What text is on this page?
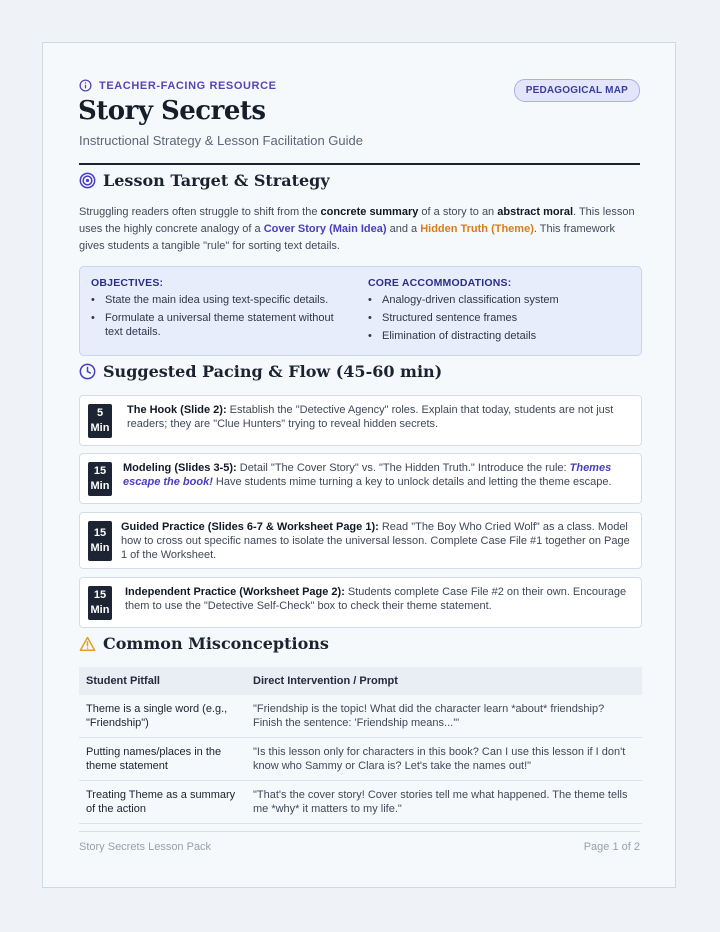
TEACHER-FACING RESOURCE	PEDAGOGICAL MAP
Story Secrets
Instructional Strategy & Lesson Facilitation Guide
Lesson Target & Strategy

Struggling readers often struggle to shift from the concrete summary of a story to an abstract moral. This lesson uses the highly concrete analogy of a Cover Story (Main Idea) and a Hidden Truth (Theme). This framework gives students a tangible "rule" for sorting text details.

OBJECTIVES:
• State the main idea using text-specific details.
• Formulate a universal theme statement without text details.
CORE ACCOMMODATIONS:
• Analogy-driven classification system
• Structured sentence frames
• Elimination of distracting details
Suggested Pacing & Flow (45-60 min)
5
Min
The Hook (Slide 2): Establish the "Detective Agency" roles. Explain that today, students are not just readers; they are "Clue Hunters" trying to reveal hidden secrets.
15
Min
Modeling (Slides 3-5): Detail "The Cover Story" vs. "The Hidden Truth." Introduce the rule: Themes escape the book! Have students mime turning a key to unlock details and letting the theme escape.
15
Min
Guided Practice (Slides 6-7 & Worksheet Page 1): Read "The Boy Who Cried Wolf" as a class. Model how to cross out specific names to isolate the universal lesson. Complete Case File #1 together on Page 1 of the Worksheet.
15
Min
Independent Practice (Worksheet Page 2): Students complete Case File #2 on their own. Encourage them to use the "Detective Self-Check" box to check their theme statement.
Common Misconceptions
Student Pitfall	Direct Intervention / Prompt
Theme is a single word (e.g., "Friendship")	"Friendship is the topic! What did the character learn *about* friendship? Finish the sentence: 'Friendship means...'"
Putting names/places in the theme statement	"Is this lesson only for characters in this book? Can I use this lesson if I don't know who Sammy or Clara is? Let's take the names out!"
Treating Theme as a summary of the action	"That's the cover story! Cover stories tell me what happened. The theme tells me *why* it matters to my life."
Story Secrets Lesson Pack	Page 1 of 2
